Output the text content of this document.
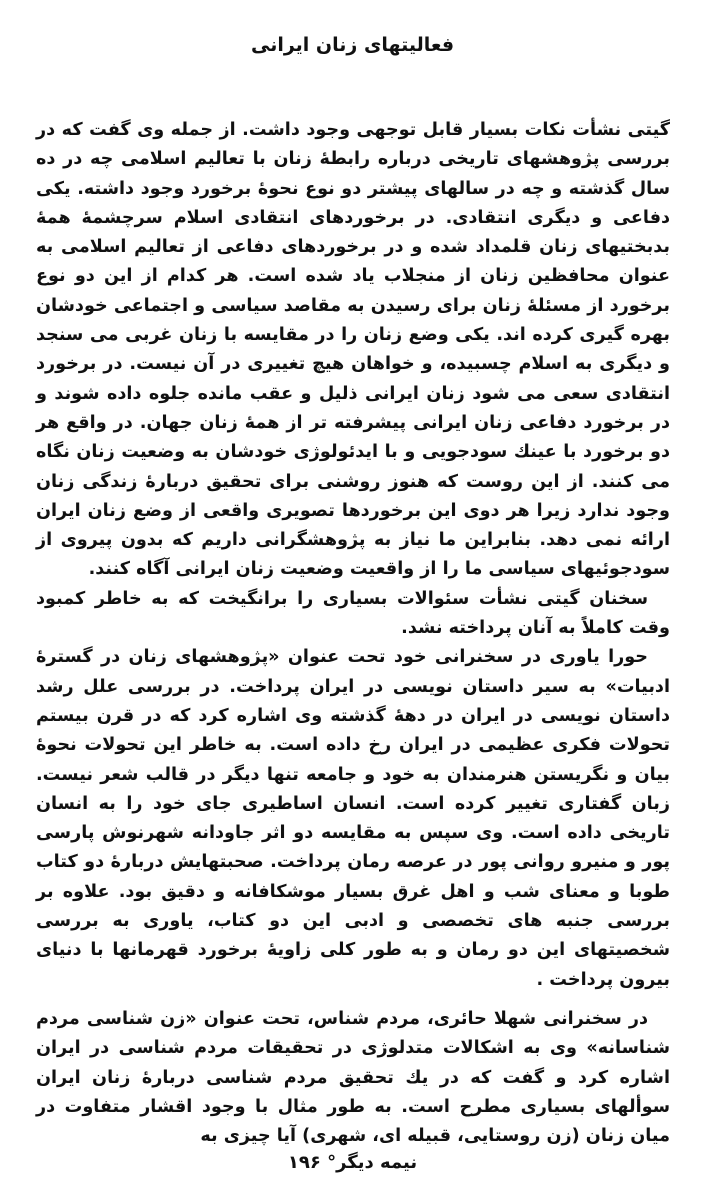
فعالیتهای زنان ایرانی

گیتی نشأت نکات بسیار قابل توجهی وجود داشت. از جمله وی گفت که در بررسی پژوهشهای تاریخی درباره رابطهٔ زنان با تعالیم اسلامی چه در ده سال گذشته و چه در سالهای پیشتر دو نوع نحوهٔ برخورد وجود داشته. یکی دفاعی و دیگری انتقادی. در برخوردهای انتقادی اسلام سرچشمهٔ همهٔ بدبختیهای زنان قلمداد شده و در برخوردهای دفاعی از تعالیم اسلامی به عنوان محافظین زنان از منجلاب یاد شده است. هر کدام از این دو نوع برخورد از مسئلهٔ زنان برای رسیدن به مقاصد سیاسی و اجتماعی خودشان بهره گیری کرده اند. یکی وضع زنان را در مقایسه با زنان غربی می سنجد و دیگری به اسلام چسبیده، و خواهان هیچ تغییری در آن نیست. در برخورد انتقادی سعی می شود زنان ایرانی ذلیل و عقب مانده جلوه داده شوند و در برخورد دفاعی زنان ایرانی پیشرفته تر از همهٔ زنان جهان. در واقع هر دو برخورد با عینك سودجویی و با ایدئولوژی خودشان به وضعیت زنان نگاه می کنند. از این روست که هنوز روشنی برای تحقیق دربارهٔ زندگی زنان وجود ندارد زیرا هر دوی این برخوردها تصویری واقعی از وضع زنان ایران ارائه نمی دهد. بنابراین ما نیاز به پژوهشگرانی داریم که بدون پیروی از سودجوئیهای سیاسی ما را از واقعیت وضعیت زنان ایرانی آگاه کنند.

سخنان گیتی نشأت سئوالات بسیاری را برانگیخت که به خاطر کمبود وقت کاملاً به آنان پرداخته نشد.

حورا یاوری در سخنرانی خود تحت عنوان «پژوهشهای زنان در گسترهٔ ادبیات» به سیر داستان نویسی در ایران پرداخت. در بررسی علل رشد داستان نویسی در ایران در دههٔ گذشته وی اشاره کرد که در قرن بیستم تحولات فکری عظیمی در ایران رخ داده است. به خاطر این تحولات نحوهٔ بیان و نگریستن هنرمندان به خود و جامعه تنها دیگر در قالب شعر نیست. زبان گفتاری تغییر کرده است. انسان اساطیری جای خود را به انسان تاریخی داده است. وی سپس به مقایسه دو اثر جاودانه شهرنوش پارسی پور و منیرو روانی پور در عرصه رمان پرداخت. صحبتهایش دربارهٔ دو کتاب طوبا و معنای شب و اهل غرق بسیار موشکافانه و دقیق بود. علاوه بر بررسی جنبه های تخصصی و ادبی این دو کتاب، یاوری به بررسی شخصیتهای این دو رمان و به طور کلی زاویهٔ برخورد قهرمانها با دنیای بیرون پرداخت .

در سخنرانی شهلا حائری، مردم شناس، تحت عنوان «زن شناسی مردم شناسانه» وی به اشکالات متدلوژی در تحقیقات مردم شناسی در ایران اشاره کرد و گفت که در یك تحقیق مردم شناسی دربارهٔ زنان ایران سوألهای بسیاری مطرح است. به طور مثال با وجود اقشار متفاوت در میان زنان (زن روستایی، قبیله ای، شهری) آیا چیزی به

نیمه دیگر° ۱۹۶
